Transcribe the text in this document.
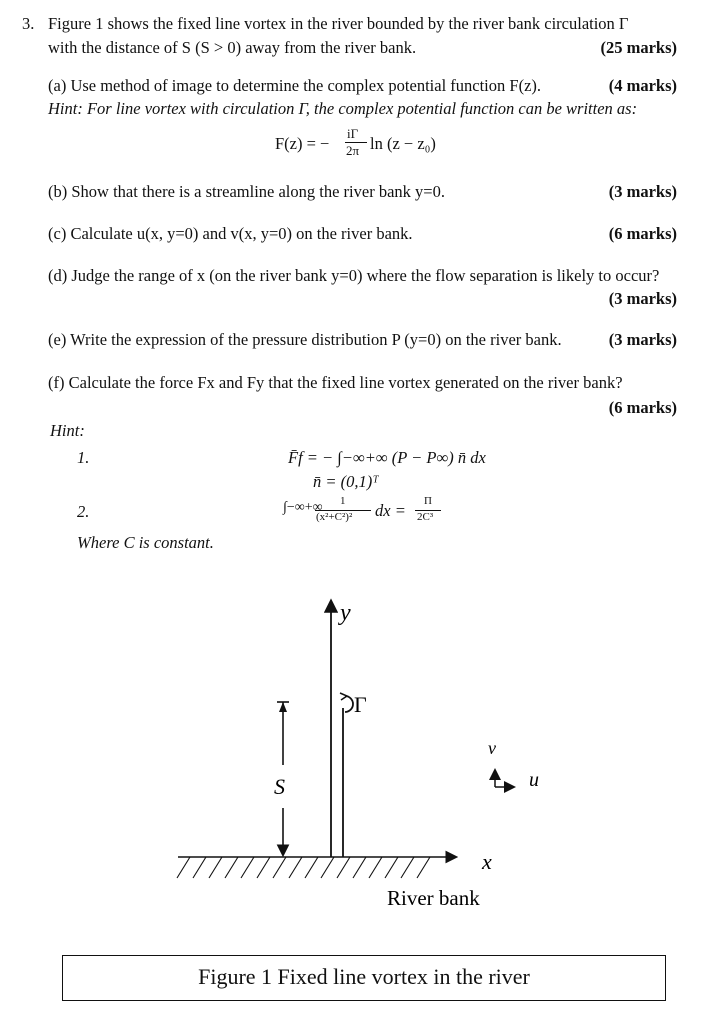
3. Figure 1 shows the fixed line vortex in the river bounded by the river bank circulation Γ
with the distance of S (S > 0) away from the river bank.	(25 marks)
(a) Use method of image to determine the complex potential function F(z).	(4 marks)
Hint: For line vortex with circulation Γ, the complex potential function can be written as:
F(z) = −
iΓ
2π ln (z − z₀)
(b) Show that there is a streamline along the river bank y=0.	(3 marks)
(c) Calculate u(x, y=0) and v(x, y=0) on the river bank.	(6 marks)
(d) Judge the range of x (on the river bank y=0) where the flow separation is likely to occur?
(3 marks)
(e) Write the expression of the pressure distribution P (y=0) on the river bank.	(3 marks)
(f) Calculate the force Fx and Fy that the fixed line vortex generated on the river bank?
(6 marks)
Hint:
1.	F̄f = − ∫−∞+∞ (P − P∞) n̄ dx
n̄ = (0,1)ᵀ
2.	∫−∞+∞ 1
(x²+C²)² dx = Π
2C³
Where C is constant.
y
Γ
S
v
u
x
River bank
Figure 1 Fixed line vortex in the river
